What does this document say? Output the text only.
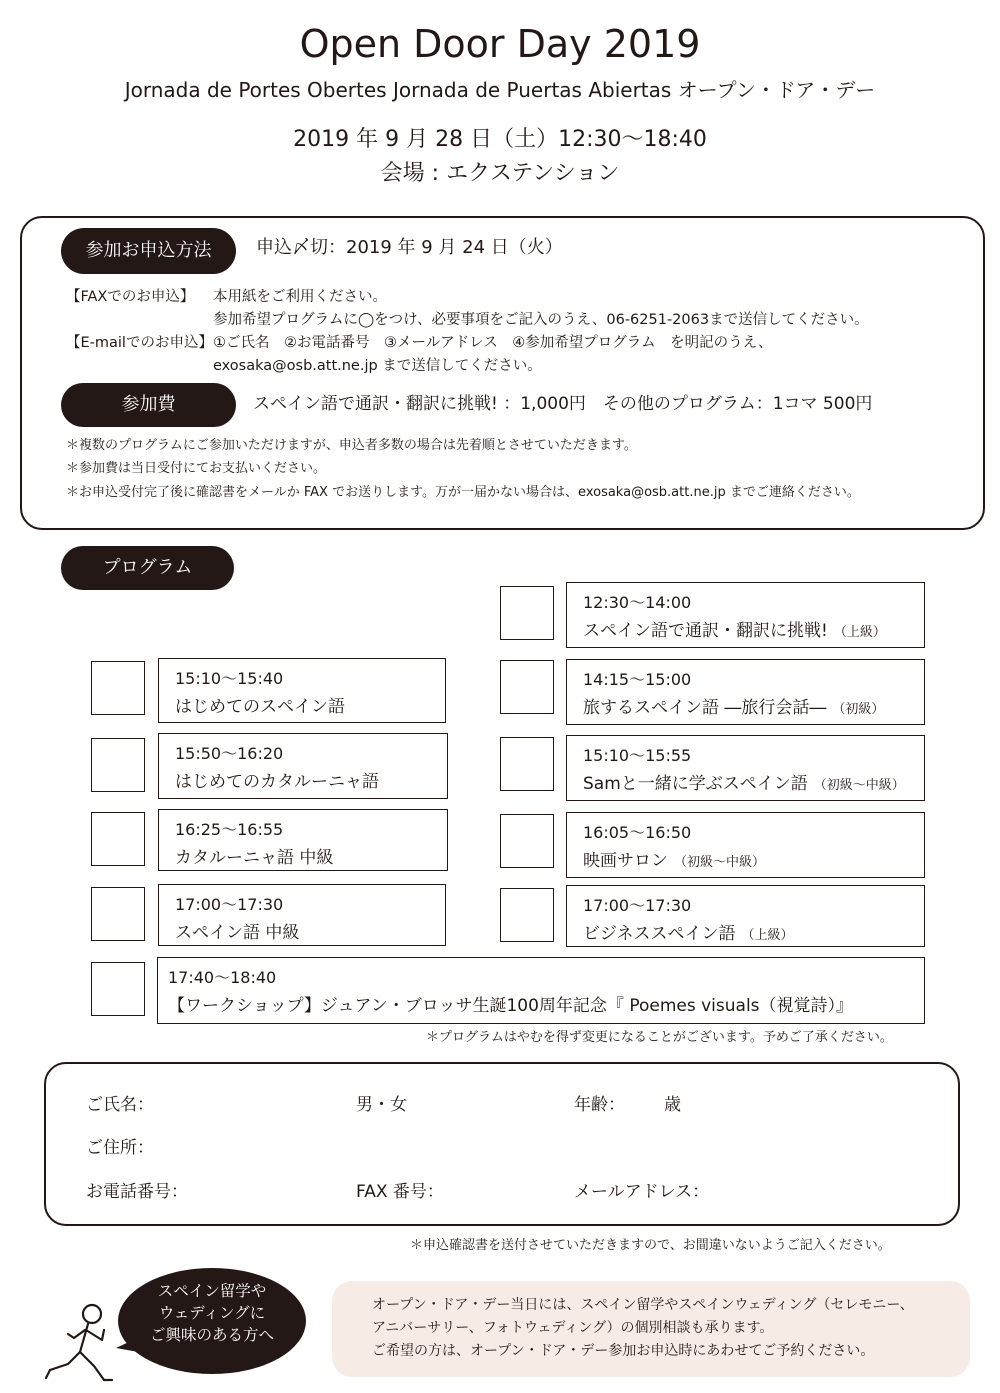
Open Door Day 2019
Jornada de Portes Obertes Jornada de Puertas Abiertas オープン・ドア・デー
2019 年 9 月 28 日（土）12:30〜18:40
会場 : エクステンション
参加お申込方法	申込〆切：2019 年 9 月 24 日（火）
【FAXでのお申込】 本用紙をご利用ください。
参加希望プログラムに◯をつけ、必要事項をご記入のうえ、06-6251-2063まで送信してください。
【E-mailでのお申込】 ①ご氏名　②お電話番号　③メールアドレス　④参加希望プログラム　を明記のうえ、
exosaka@osb.att.ne.jp まで送信してください。
参加費	スペイン語で通訳・翻訳に挑戦! ：1,000円　その他のプログラム：1コマ 500円
＊複数のプログラムにご参加いただけますが、申込者多数の場合は先着順とさせていただきます。
＊参加費は当日受付にてお支払いください。
＊お申込受付完了後に確認書をメールか FAX でお送りします。万が一届かない場合は、exosaka@osb.att.ne.jp までご連絡ください。
プログラム
12:30〜14:00
スペイン語で通訳・翻訳に挑戦! （上級）
14:15〜15:00
旅するスペイン語 ―旅行会話― （初級）
15:10〜15:55
Samと一緒に学ぶスペイン語 （初級〜中級）
16:05〜16:50
映画サロン （初級〜中級）
17:00〜17:30
ビジネススペイン語 （上級）
15:10〜15:40
はじめてのスペイン語
15:50〜16:20
はじめてのカタルーニャ語
16:25〜16:55
カタルーニャ語 中級
17:00〜17:30
スペイン語 中級
17:40〜18:40
【ワークショップ】ジュアン・ブロッサ生誕100周年記念『 Poemes visuals（視覚詩）』
＊プログラムはやむを得ず変更になることがございます。予めご了承ください。
ご氏名：	男・女	年齢： 歳
ご住所：
お電話番号：	FAX 番号：	メールアドレス：
＊申込確認書を送付させていただきますので、お間違いないようご記入ください。
スペイン留学や
ウェディングに
ご興味のある方へ
オープン・ドア・デー当日には、スペイン留学やスペインウェディング（セレモニー、
アニバーサリー、フォトウェディング）の個別相談も承ります。
ご希望の方は、オープン・ドア・デー参加お申込時にあわせてご予約ください。
